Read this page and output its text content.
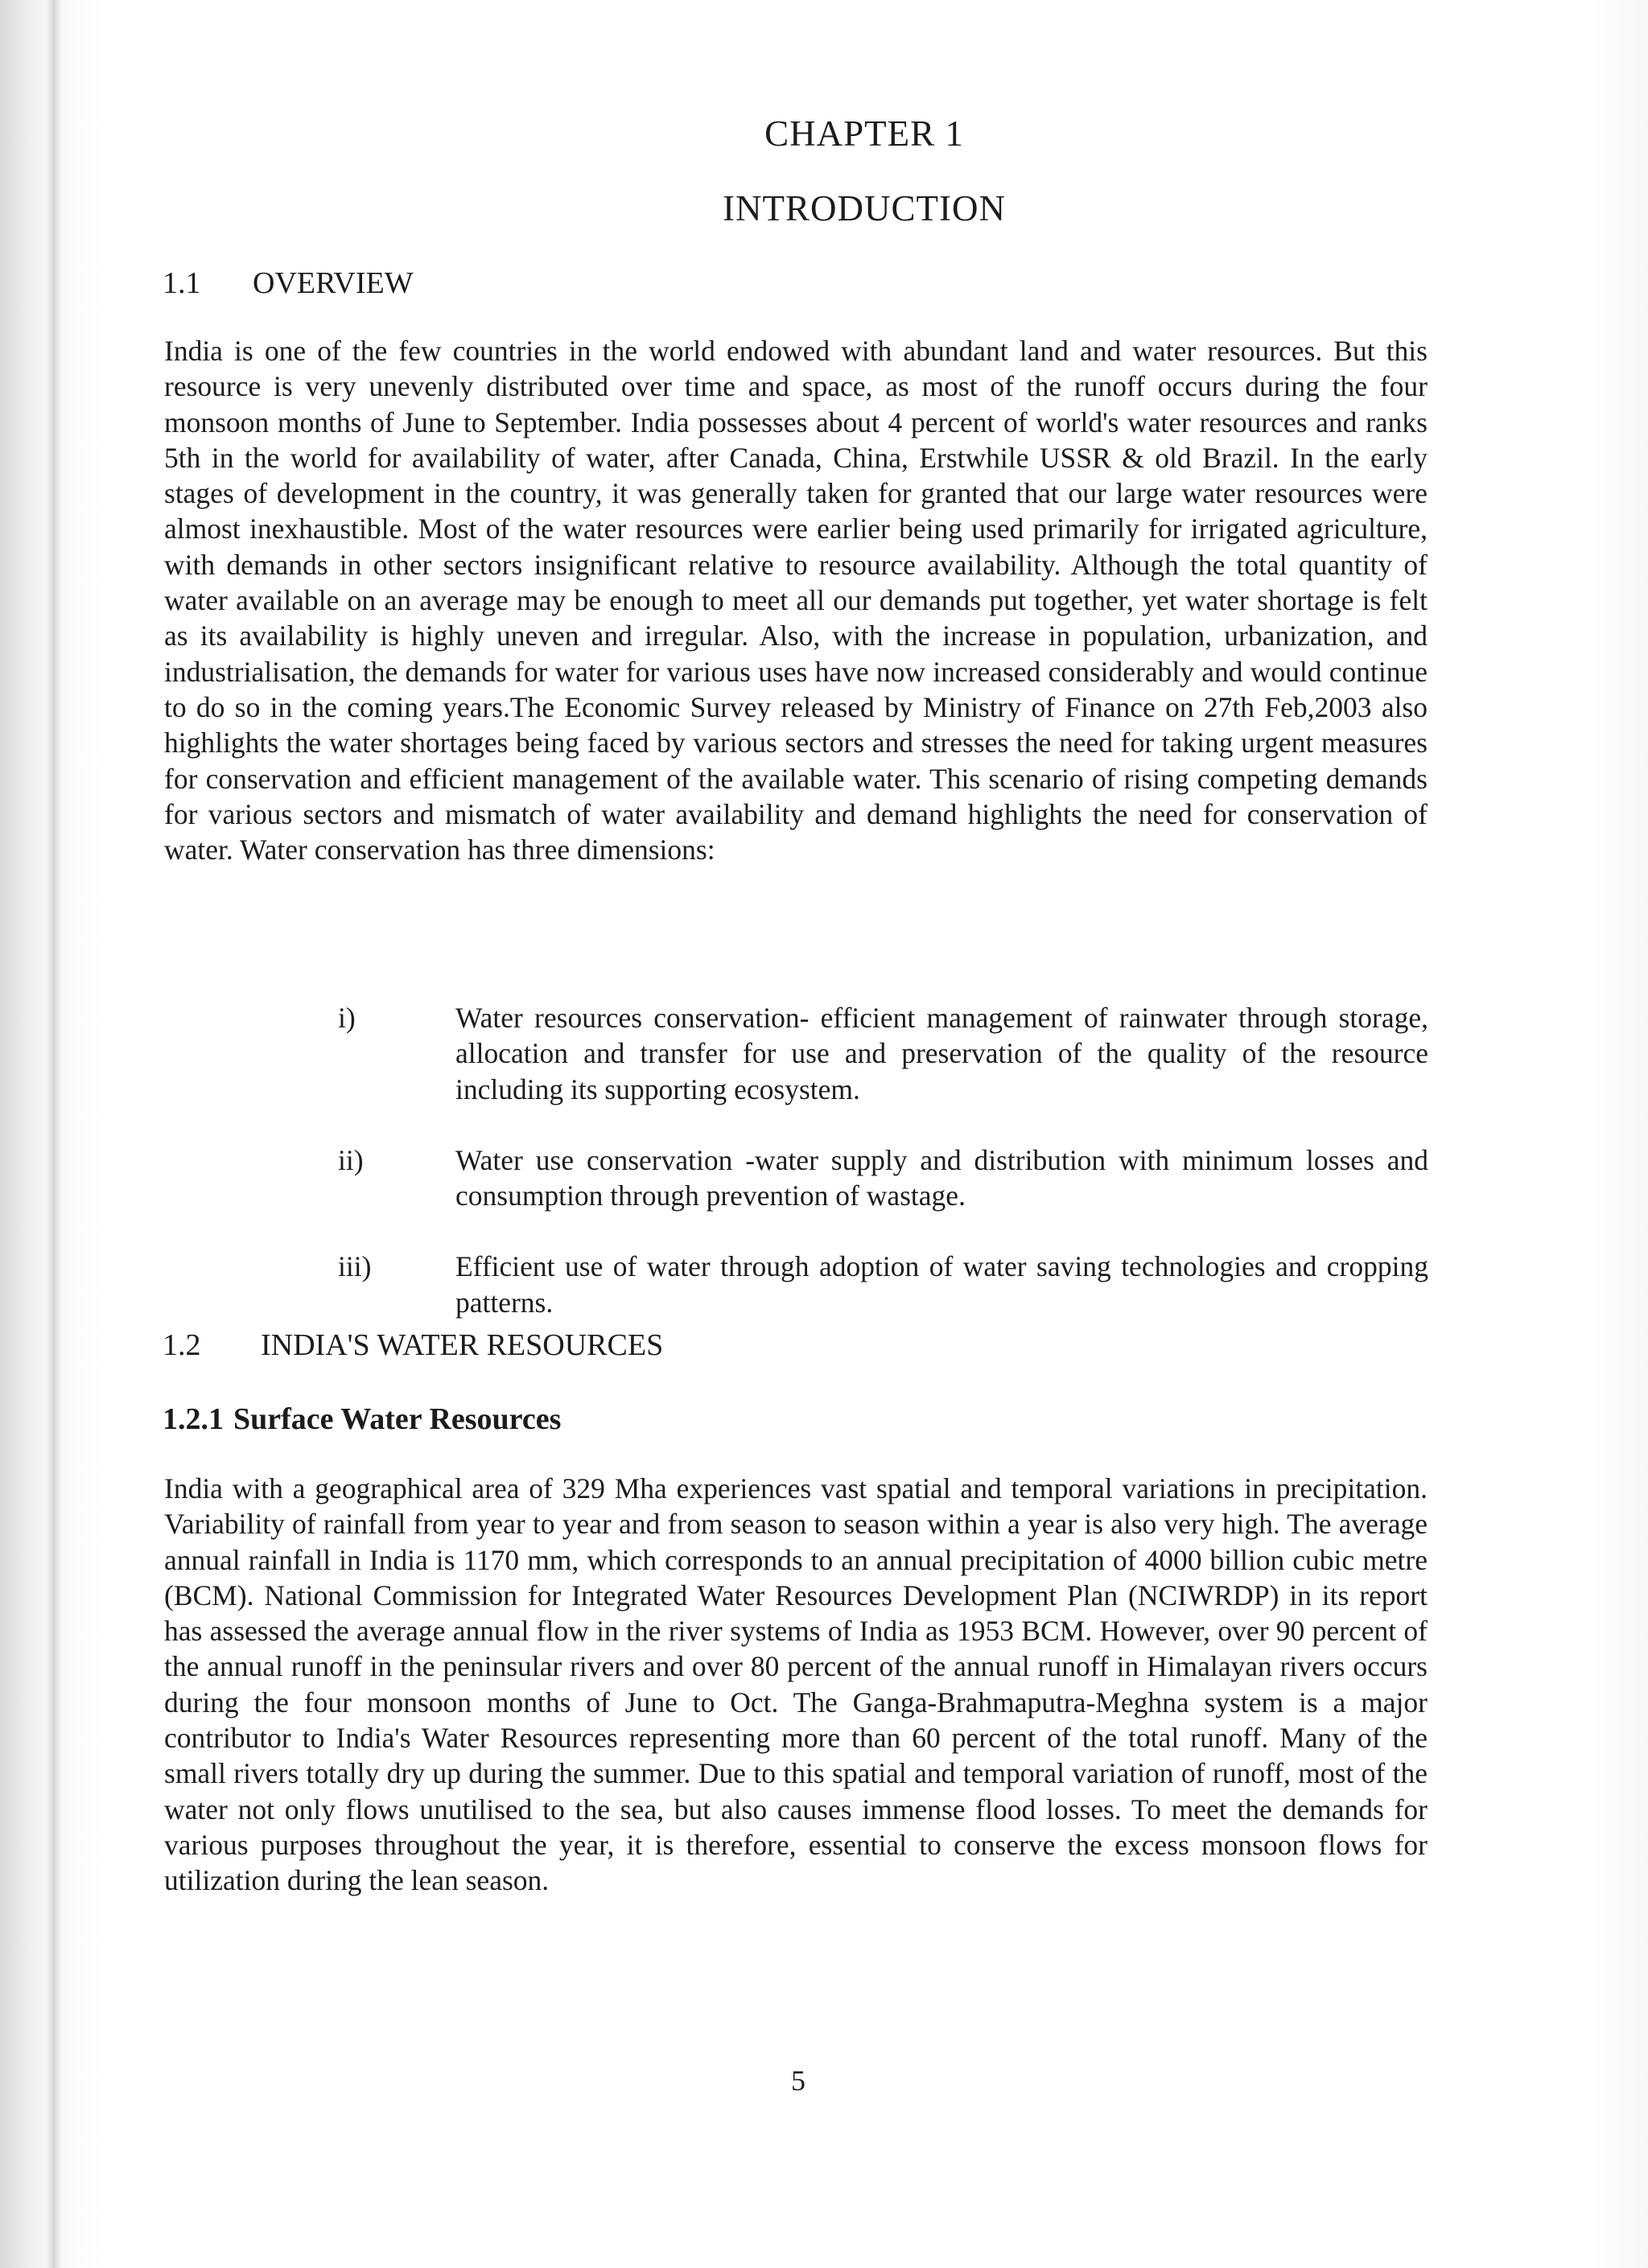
CHAPTER 1
INTRODUCTION
1.1 OVERVIEW

India is one of the few countries in the world endowed with abundant land and water resources. But this resource is very unevenly distributed over time and space, as most of the runoff occurs during the four monsoon months of June to September. India possesses about 4 percent of world's water resources and ranks 5th in the world for availability of water, after Canada, China, Erstwhile USSR & old Brazil. In the early stages of development in the country, it was generally taken for granted that our large water resources were almost inexhaustible. Most of the water resources were earlier being used primarily for irrigated agriculture, with demands in other sectors insignificant relative to resource availability. Although the total quantity of water available on an average may be enough to meet all our demands put together, yet water shortage is felt as its availability is highly uneven and irregular. Also, with the increase in population, urbanization, and industrialisation, the demands for water for various uses have now increased considerably and would continue to do so in the coming years.The Economic Survey released by Ministry of Finance on 27th Feb,2003 also highlights the water shortages being faced by various sectors and stresses the need for taking urgent measures for conservation and efficient management of the available water. This scenario of rising competing demands for various sectors and mismatch of water availability and demand highlights the need for conservation of water. Water conservation has three dimensions:

i)	Water resources conservation- efficient management of rainwater through storage, allocation and transfer for use and preservation of the quality of the resource including its supporting ecosystem.
ii)	Water use conservation -water supply and distribution with minimum losses and consumption through prevention of wastage.
iii)	Efficient use of water through adoption of water saving technologies and cropping patterns.
1.2 INDIA'S WATER RESOURCES
1.2.1 Surface Water Resources

India with a geographical area of 329 Mha experiences vast spatial and temporal variations in precipitation. Variability of rainfall from year to year and from season to season within a year is also very high. The average annual rainfall in India is 1170 mm, which corresponds to an annual precipitation of 4000 billion cubic metre (BCM). National Commission for Integrated Water Resources Development Plan (NCIWRDP) in its report has assessed the average annual flow in the river systems of India as 1953 BCM. However, over 90 percent of the annual runoff in the peninsular rivers and over 80 percent of the annual runoff in Himalayan rivers occurs during the four monsoon months of June to Oct. The Ganga-Brahmaputra-Meghna system is a major contributor to India's Water Resources representing more than 60 percent of the total runoff. Many of the small rivers totally dry up during the summer. Due to this spatial and temporal variation of runoff, most of the water not only flows unutilised to the sea, but also causes immense flood losses. To meet the demands for various purposes throughout the year, it is therefore, essential to conserve the excess monsoon flows for utilization during the lean season.

5
